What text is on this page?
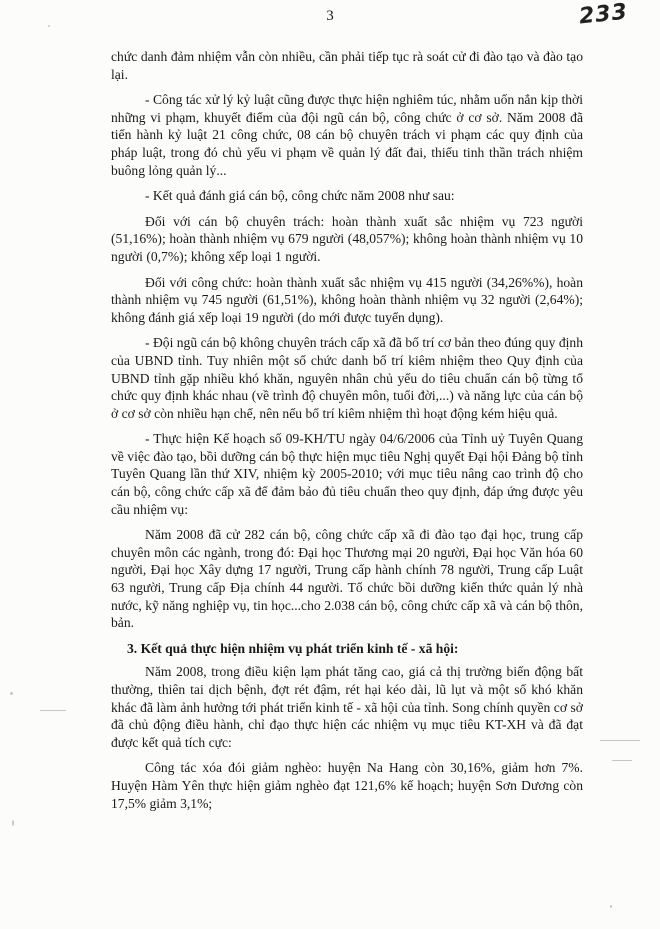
3	233

chức danh đảm nhiệm vẫn còn nhiều, cần phải tiếp tục rà soát cử đi đào tạo và đào tạo lại.

- Công tác xử lý kỷ luật cũng được thực hiện nghiêm túc, nhằm uốn nắn kịp thời những vi phạm, khuyết điểm của đội ngũ cán bộ, công chức ở cơ sở. Năm 2008 đã tiến hành kỷ luật 21 công chức, 08 cán bộ chuyên trách vi phạm các quy định của pháp luật, trong đó chủ yếu vi phạm về quản lý đất đai, thiếu tinh thần trách nhiệm buông lỏng quản lý...

- Kết quả đánh giá cán bộ, công chức năm 2008 như sau:

Đối với cán bộ chuyên trách: hoàn thành xuất sắc nhiệm vụ 723 người (51,16%); hoàn thành nhiệm vụ 679 người (48,057%); không hoàn thành nhiệm vụ 10 người (0,7%); không xếp loại 1 người.

Đối với công chức: hoàn thành xuất sắc nhiệm vụ 415 người (34,26%%), hoàn thành nhiệm vụ 745 người (61,51%), không hoàn thành nhiệm vụ 32 người (2,64%); không đánh giá xếp loại 19 người (do mới được tuyển dụng).

- Đội ngũ cán bộ không chuyên trách cấp xã đã bố trí cơ bản theo đúng quy định của UBND tỉnh. Tuy nhiên một số chức danh bố trí kiêm nhiệm theo Quy định của UBND tỉnh gặp nhiều khó khăn, nguyên nhân chủ yếu do tiêu chuẩn cán bộ từng tổ chức quy định khác nhau (về trình độ chuyên môn, tuổi đời,...) và năng lực của cán bộ ở cơ sở còn nhiều hạn chế, nên nếu bố trí kiêm nhiệm thì hoạt động kém hiệu quả.

- Thực hiện Kế hoạch số 09-KH/TU ngày 04/6/2006 của Tỉnh uỷ Tuyên Quang về việc đào tạo, bồi dưỡng cán bộ thực hiện mục tiêu Nghị quyết Đại hội Đảng bộ tỉnh Tuyên Quang lần thứ XIV, nhiệm kỳ 2005-2010; với mục tiêu nâng cao trình độ cho cán bộ, công chức cấp xã để đảm bảo đủ tiêu chuẩn theo quy định, đáp ứng được yêu cầu nhiệm vụ:

Năm 2008 đã cử 282 cán bộ, công chức cấp xã đi đào tạo đại học, trung cấp chuyên môn các ngành, trong đó: Đại học Thương mại 20 người, Đại học Văn hóa 60 người, Đại học Xây dựng 17 người, Trung cấp hành chính 78 người, Trung cấp Luật 63 người, Trung cấp Địa chính 44 người. Tổ chức bồi dưỡng kiến thức quản lý nhà nước, kỹ năng nghiệp vụ, tin học...cho 2.038 cán bộ, công chức cấp xã và cán bộ thôn, bản.

3. Kết quả thực hiện nhiệm vụ phát triển kinh tế - xã hội:

Năm 2008, trong điều kiện lạm phát tăng cao, giá cả thị trường biến động bất thường, thiên tai dịch bệnh, đợt rét đậm, rét hại kéo dài, lũ lụt và một số khó khăn khác đã làm ảnh hưởng tới phát triển kinh tế - xã hội của tỉnh. Song chính quyền cơ sở đã chủ động điều hành, chỉ đạo thực hiện các nhiệm vụ mục tiêu KT-XH và đã đạt được kết quả tích cực:

Công tác xóa đói giảm nghèo: huyện Na Hang còn 30,16%, giảm hơn 7%. Huyện Hàm Yên thực hiện giảm nghèo đạt 121,6% kế hoạch; huyện Sơn Dương còn 17,5% giảm 3,1%;
